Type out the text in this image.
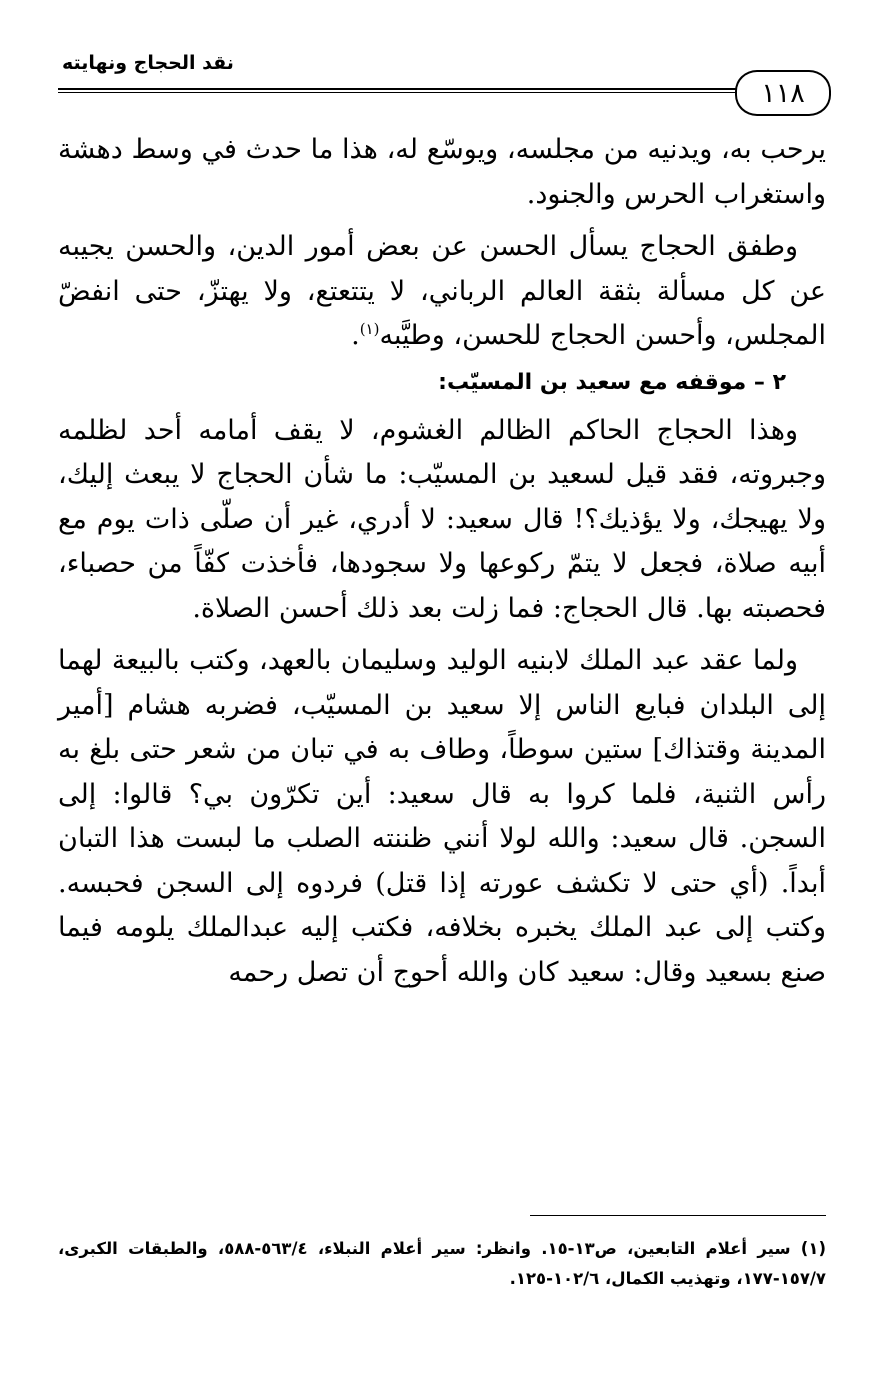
نقد الحجاج ونهايته
١١٨

يرحب به، ويدنيه من مجلسه، ويوسّع له، هذا ما حدث في وسط دهشة واستغراب الحرس والجنود.

وطفق الحجاج يسأل الحسن عن بعض أمور الدين، والحسن يجيبه عن كل مسألة بثقة العالم الرباني، لا يتتعتع، ولا يهتزّ، حتى انفضّ المجلس، وأحسن الحجاج للحسن، وطيَّبه$^{(١)}$.

٢ – موقفه مع سعيد بن المسيّب:

وهذا الحجاج الحاكم الظالم الغشوم، لا يقف أمامه أحد لظلمه وجبروته، فقد قيل لسعيد بن المسيّب: ما شأن الحجاج لا يبعث إليك، ولا يهيجك، ولا يؤذيك؟! قال سعيد: لا أدري، غير أن صلّى ذات يوم مع أبيه صلاة، فجعل لا يتمّ ركوعها ولا سجودها، فأخذت كفّاً من حصباء، فحصبته بها. قال الحجاج: فما زلت بعد ذلك أحسن الصلاة.

ولما عقد عبد الملك لابنيه الوليد وسليمان بالعهد، وكتب بالبيعة لهما إلى البلدان فبايع الناس إلا سعيد بن المسيّب، فضربه هشام [أمير المدينة وقتذاك] ستين سوطاً، وطاف به في تبان من شعر حتى بلغ به رأس الثنية، فلما كروا به قال سعيد: أين تكرّون بي؟ قالوا: إلى السجن. قال سعيد: والله لولا أنني ظننته الصلب ما لبست هذا التبان أبداً. (أي حتى لا تكشف عورته إذا قتل) فردوه إلى السجن فحبسه. وكتب إلى عبد الملك يخبره بخلافه، فكتب إليه عبدالملك يلومه فيما صنع بسعيد وقال: سعيد كان والله أحوج أن تصل رحمه

(١) سير أعلام التابعين، ص١٣-١٥. وانظر: سير أعلام النبلاء، ٥٦٣/٤-٥٨٨، والطبقات الكبرى، ١٥٧/٧-١٧٧، وتهذيب الكمال، ١٠٢/٦-١٢٥.
